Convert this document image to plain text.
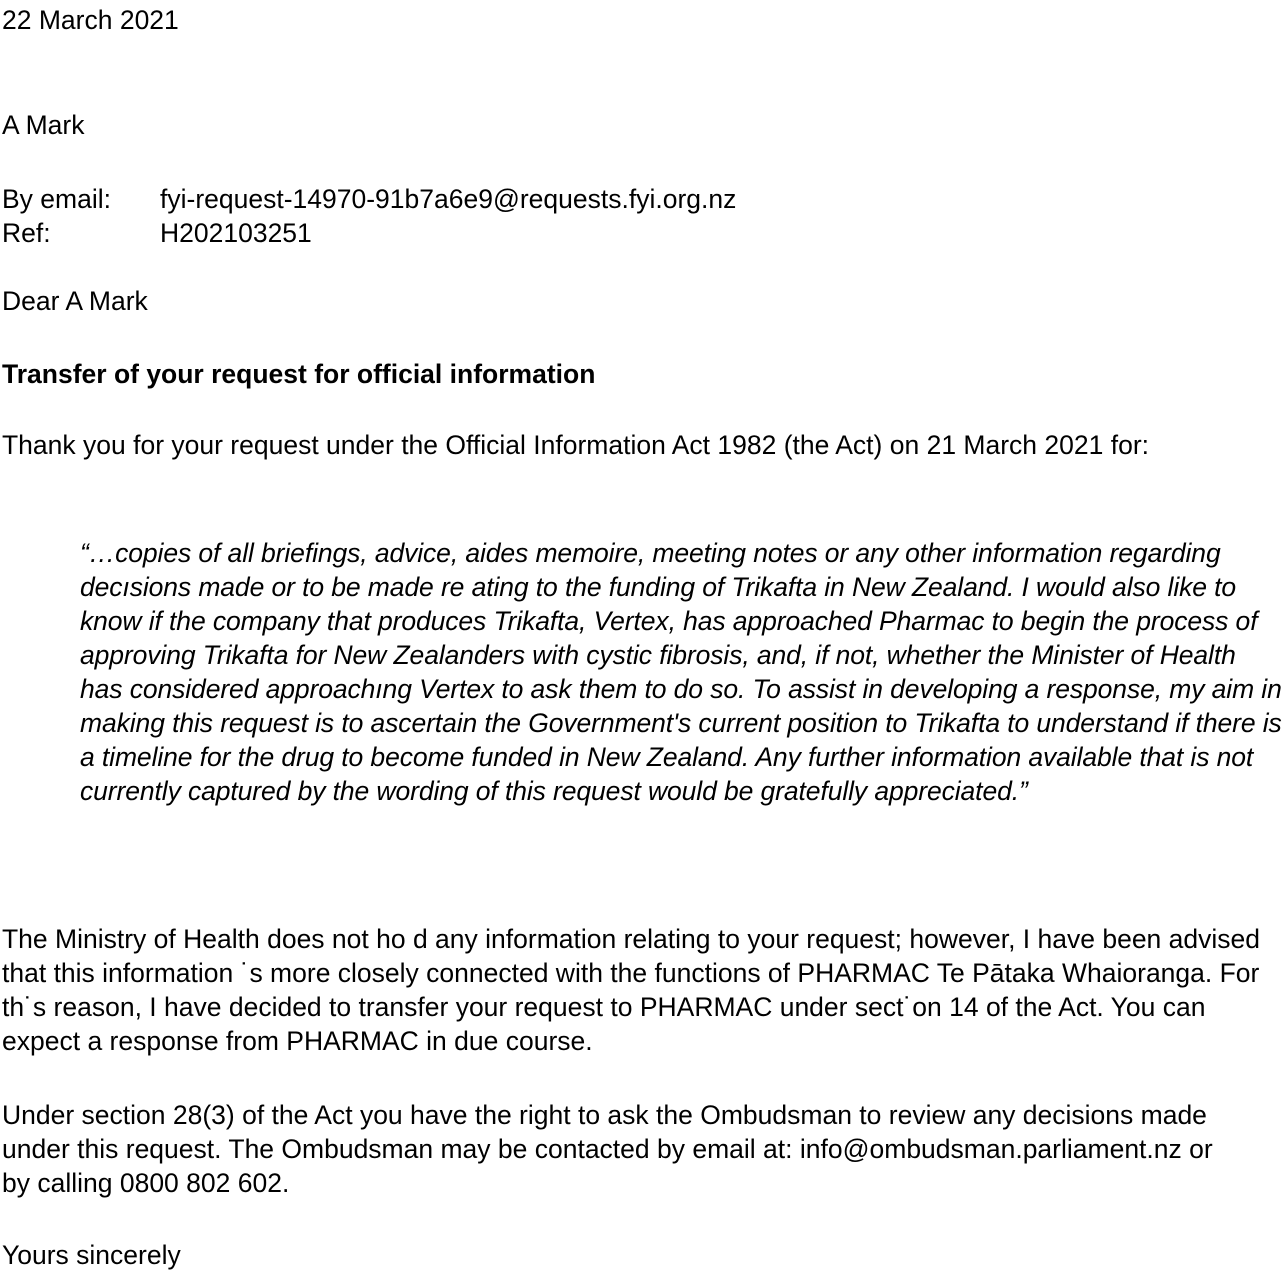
22 March 2021

A Mark

By email: fyi-request-14970-91b7a6e9@requests.fyi.org.nz
Ref:	H202103251

Dear A Mark

Transfer of your request for official information

Thank you for your request under the Official Information Act 1982 (the Act) on 21 March 2021 for:

“…copies of all briefings, advice, aides memoire, meeting notes or any other information regarding decısions made or to be made re ating to the funding of Trikafta in New Zealand. I would also like to know if the company that produces Trikafta, Vertex, has approached Pharmac to begin the process of approving Trikafta for New Zealanders with cystic fibrosis, and, if not, whether the Minister of Health has considered approachıng Vertex to ask them to do so. To assist in developing a response, my aim in making this request is to ascertain the Government's current position to Trikafta to understand if there is a timeline for the drug to become funded in New Zealand. Any further information available that is not currently captured by the wording of this request would be gratefully appreciated.”

The Ministry of Health does not ho d any information relating to your request; however, I have been advised that this information ˙s more closely connected with the functions of PHARMAC Te Pātaka Whaioranga. For th˙s reason, I have decided to transfer your request to PHARMAC under sect˙on 14 of the Act. You can expect a response from PHARMAC in due course.

Under section 28(3) of the Act you have the right to ask the Ombudsman to review any decisions made under this request. The Ombudsman may be contacted by email at: info@ombudsman.parliament.nz or by calling 0800 802 602.

Yours sincerely
